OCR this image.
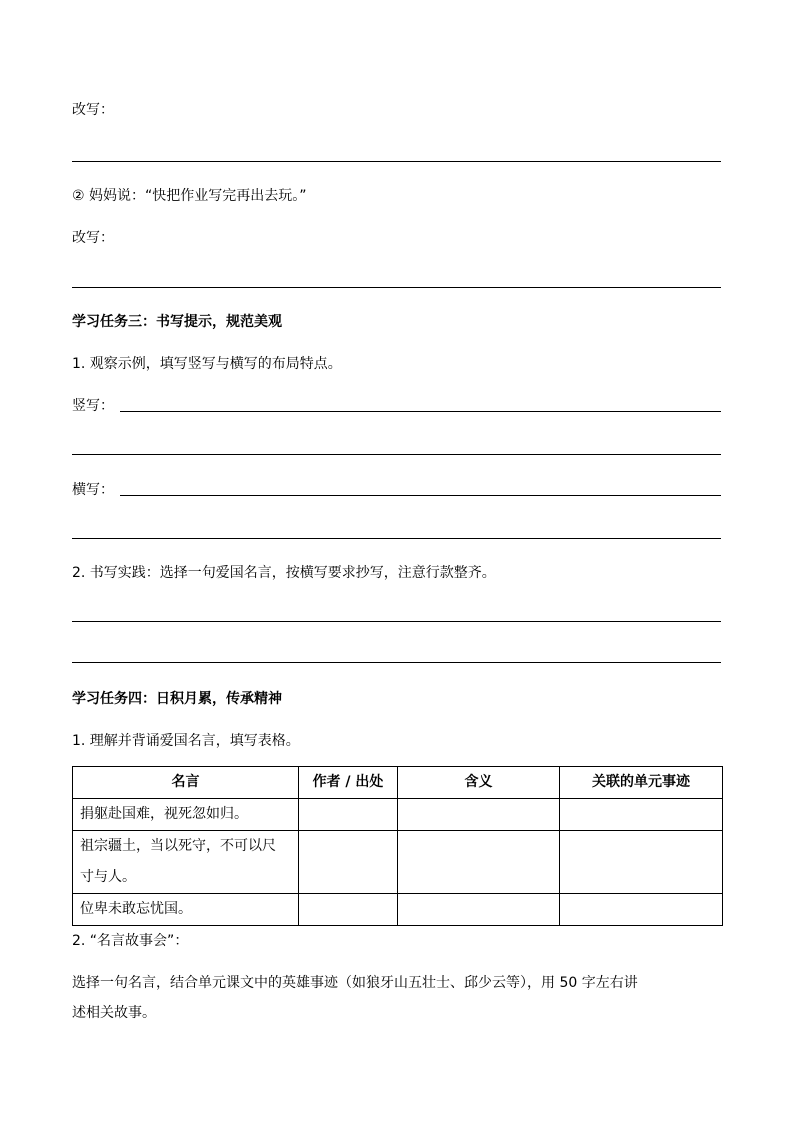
改写：
② 妈妈说：“快把作业写完再出去玩。”
改写：
学习任务三：书写提示，规范美观
1. 观察示例，填写竖写与横写的布局特点。
竖写：
横写：
2. 书写实践：选择一句爱国名言，按横写要求抄写，注意行款整齐。
学习任务四：日积月累，传承精神
1. 理解并背诵爱国名言，填写表格。
名言	作者 / 出处	含义	关联的单元事迹
捐躯赴国难，视死忽如归。			
祖宗疆土，当以死守，不可以尺
寸与人。			
位卑未敢忘忧国。			
2. “名言故事会”：
选择一句名言，结合单元课文中的英雄事迹（如狼牙山五壮士、邱少云等），用 50 字左右讲
述相关故事。
